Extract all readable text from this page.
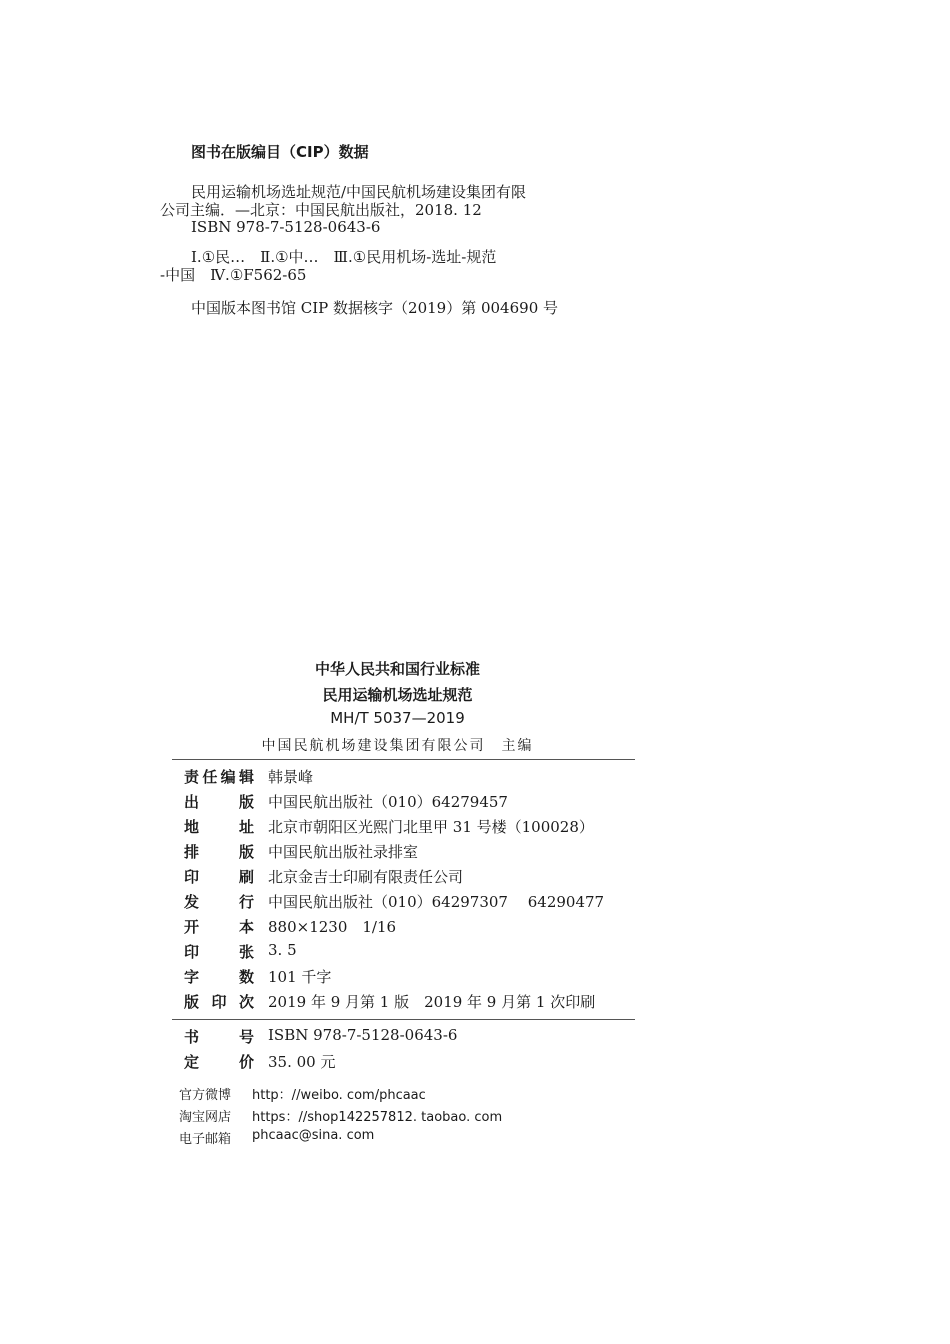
图书在版编目（CIP）数据
民用运输机场选址规范/中国民航机场建设集团有限
公司主编．—北京：中国民航出版社，2018. 12
ISBN 978-7-5128-0643-6
Ⅰ.①民…　Ⅱ.①中…　Ⅲ.①民用机场-选址-规范
-中国　Ⅳ.①F562-65
中国版本图书馆 CIP 数据核字（2019）第 004690 号
中华人民共和国行业标准
民用运输机场选址规范
MH/T 5037—2019
中国民航机场建设集团有限公司　主编
责 任 编 辑 韩景峰
出	版 中国民航出版社（010）64279457
地	址 北京市朝阳区光熙门北里甲 31 号楼（100028）
排	版 中国民航出版社录排室
印	刷 北京金吉士印刷有限责任公司
发	行 中国民航出版社（010）64297307　 64290477
开	本 880×1230　1/16
印	张 3. 5
字	数 101 千字
版 印 次 2019 年 9 月第 1 版　2019 年 9 月第 1 次印刷
书	号 ISBN 978-7-5128-0643-6
定	价 35. 00 元
官方微博 http：//weibo. com/phcaac
淘宝网店 https：//shop142257812. taobao. com
电子邮箱 phcaac@sina. com
